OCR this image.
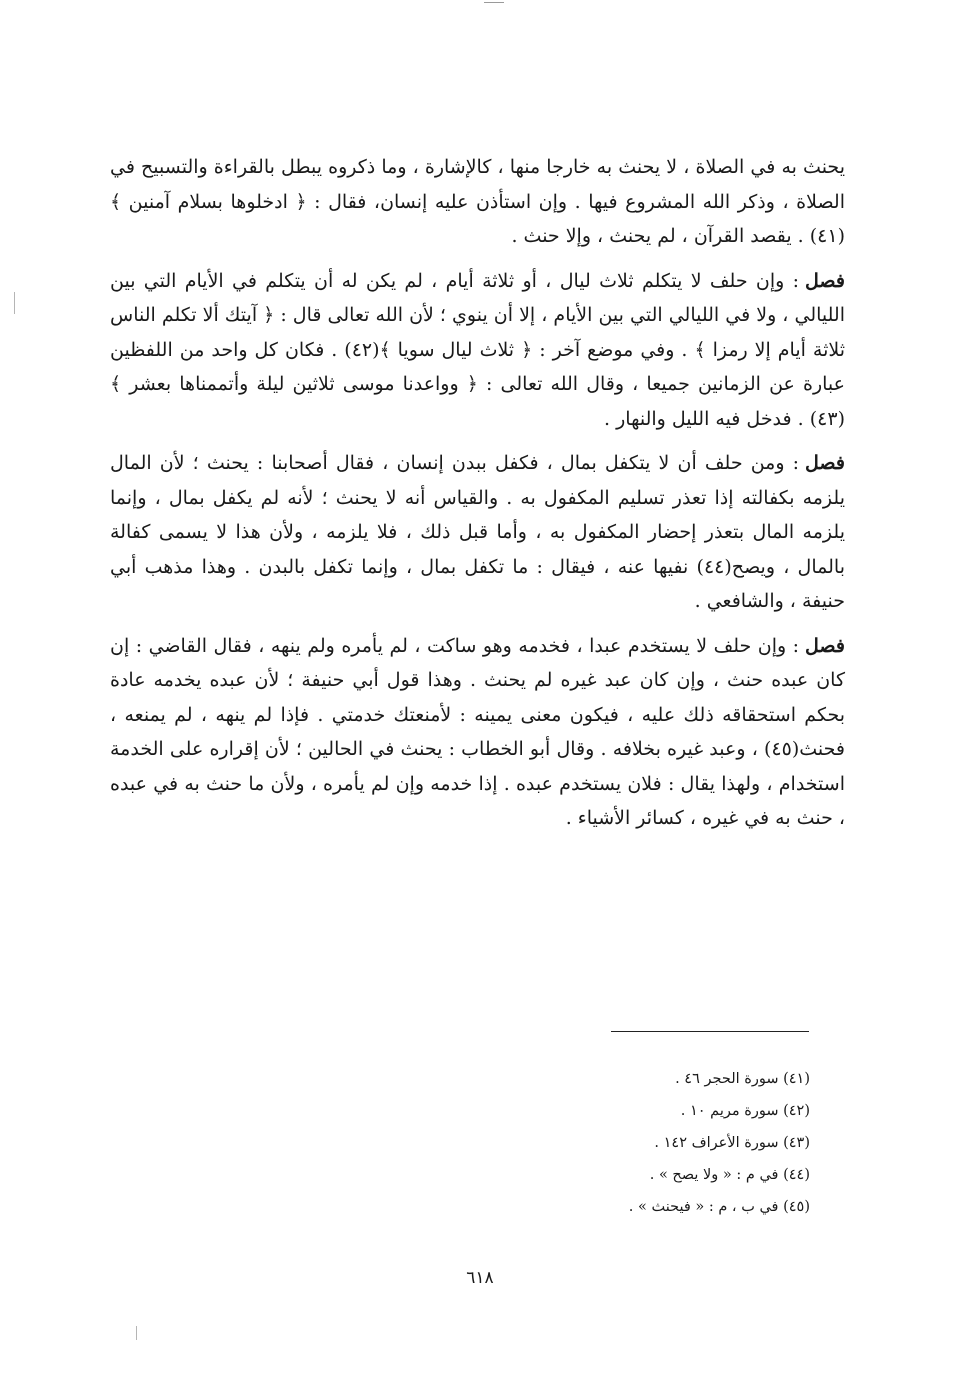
يحنث به في الصلاة ، لا يحنث به خارجا منها ، كالإشارة ، وما ذكروه يبطل بالقراءة والتسبيح في الصلاة ، وذكر الله المشروع فيها . وإن استأذن عليه إنسان، فقال : ﴿ ادخلوها بسلام آمنين ﴾(٤١) . يقصد القرآن ، لم يحنث ، وإلا حنث .

فصل: وإن حلف لا يتكلم ثلاث ليال ، أو ثلاثة أيام ، لم يكن له أن يتكلم في الأيام التي بين الليالي ، ولا في الليالي التي بين الأيام ، إلا أن ينوي ؛ لأن الله تعالى قال : ﴿ آيتك ألا تكلم الناس ثلاثة أيام إلا رمزا ﴾ . وفي موضع آخر : ﴿ ثلاث ليال سويا ﴾(٤٢) . فكان كل واحد من اللفظين عبارة عن الزمانين جميعا ، وقال الله تعالى : ﴿ وواعدنا موسى ثلاثين ليلة وأتممناها بعشر ﴾(٤٣) . فدخل فيه الليل والنهار .

فصل: ومن حلف أن لا يتكفل بمال ، فكفل ببدن إنسان ، فقال أصحابنا : يحنث ؛ لأن المال يلزمه بكفالته إذا تعذر تسليم المكفول به . والقياس أنه لا يحنث ؛ لأنه لم يكفل بمال ، وإنما يلزمه المال بتعذر إحضار المكفول به ، وأما قبل ذلك ، فلا يلزمه ، ولأن هذا لا يسمى كفالة بالمال ، ويصح(٤٤) نفيها عنه ، فيقال : ما تكفل بمال ، وإنما تكفل بالبدن . وهذا مذهب أبي حنيفة ، والشافعي .

فصل: وإن حلف لا يستخدم عبدا ، فخدمه وهو ساكت ، لم يأمره ولم ينهه ، فقال القاضي : إن كان عبده حنث ، وإن كان عبد غيره لم يحنث . وهذا قول أبي حنيفة ؛ لأن عبده يخدمه عادة بحكم استحقاقه ذلك عليه ، فيكون معنى يمينه : لأمنعتك خدمتي . فإذا لم ينهه ، لم يمنعه ، فحنث(٤٥) ، وعبد غيره بخلافه . وقال أبو الخطاب : يحنث في الحالين ؛ لأن إقراره على الخدمة استخدام ، ولهذا يقال : فلان يستخدم عبده . إذا خدمه وإن لم يأمره ، ولأن ما حنث به في عبده ، حنث به في غيره ، كسائر الأشياء .

(٤١) سورة الحجر ٤٦ .
(٤٢) سورة مريم ١٠ .
(٤٣) سورة الأعراف ١٤٢ .
(٤٤) في م : « ولا يصح » .
(٤٥) في ب ، م : « فيحنث » .
٦١٨
